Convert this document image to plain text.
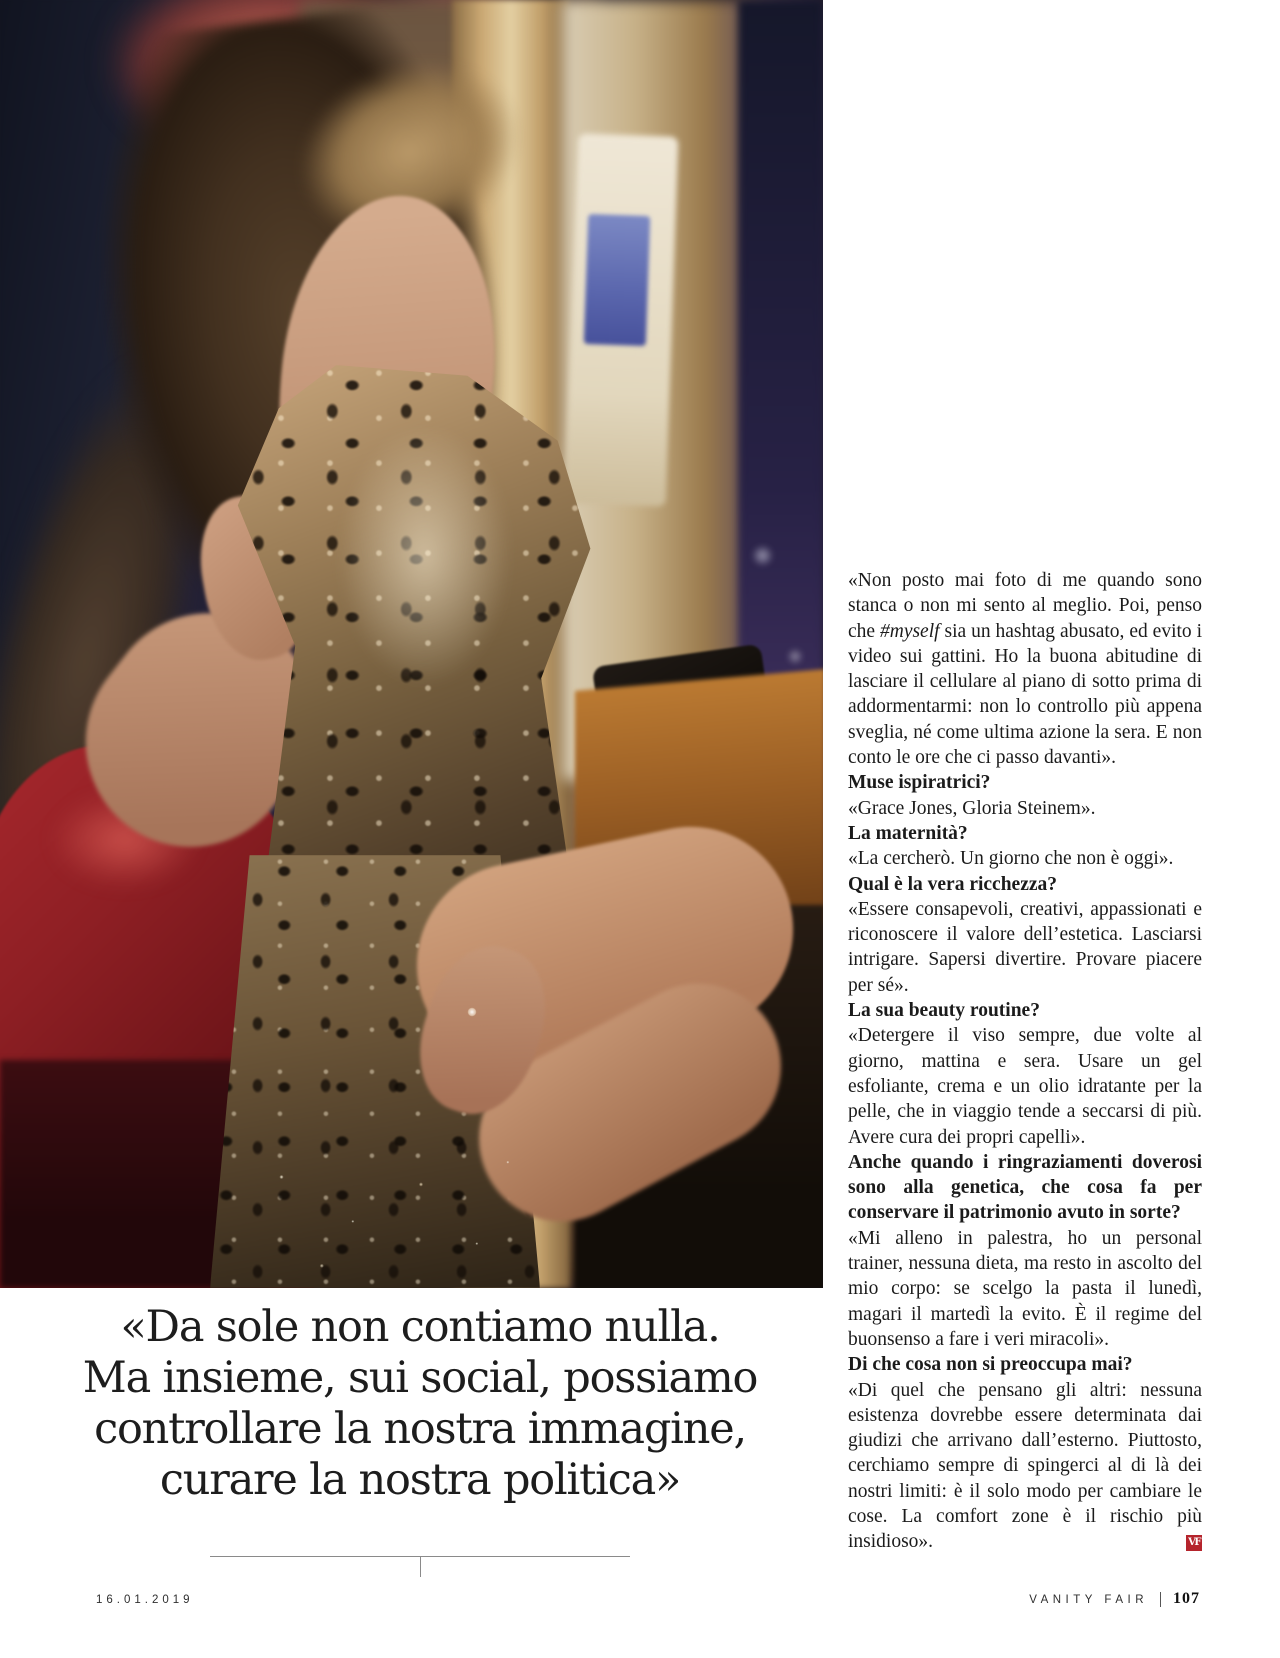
«Da sole non contiamo nulla.
Ma insieme, sui social, possiamo
controllare la nostra immagine,
curare la nostra politica»

«Non posto mai foto di me quando sono stanca o non mi sento al meglio. Poi, penso che #myself sia un hashtag abusato, ed evito i video sui gattini. Ho la buona abitudine di lasciare il cellulare al piano di sotto prima di addormentarmi: non lo controllo più appena sveglia, né come ultima azione la sera. E non conto le ore che ci passo davanti».

Muse ispiratrici?

«Grace Jones, Gloria Steinem».

La maternità?

«La cercherò. Un giorno che non è oggi».

Qual è la vera ricchezza?

«Essere consapevoli, creativi, appassionati e riconoscere il valore dell’estetica. Lasciarsi intrigare. Sapersi divertire. Provare piacere per sé».

La sua beauty routine?

«Detergere il viso sempre, due volte al giorno, mattina e sera. Usare un gel esfoliante, crema e un olio idratante per la pelle, che in viaggio tende a seccarsi di più. Avere cura dei propri capelli».

Anche quando i ringraziamenti doverosi sono alla genetica, che cosa fa per conservare il patrimonio avuto in sorte?

«Mi alleno in palestra, ho un personal trainer, nessuna dieta, ma resto in ascolto del mio corpo: se scelgo la pasta il lunedì, magari il martedì la evito. È il regime del buonsenso a fare i veri miracoli».

Di che cosa non si preoccupa mai?

«Di quel che pensano gli altri: nessuna esistenza dovrebbe essere determinata dai giudizi che arrivano dall’esterno. Piuttosto, cerchiamo sempre di spingerci al di là dei nostri limiti: è il solo modo per cambiare le cose. La comfort zone è il rischio più insidioso».	VF
16.01.2019	VANITY FAIR 107
